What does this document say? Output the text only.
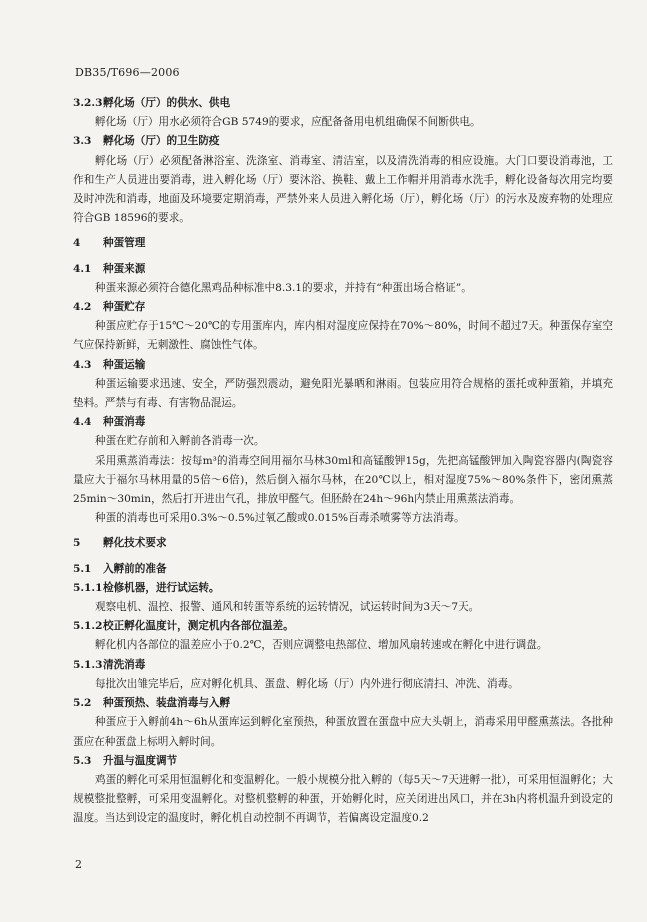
DB35/T696—2006
3.2.3孵化场（厅）的供水、供电

孵化场（厅）用水必须符合GB 5749的要求，应配备备用电机组确保不间断供电。

3.3 孵化场（厅）的卫生防疫

孵化场（厅）必须配备淋浴室、洗涤室、消毒室、清洁室，以及清洗消毒的相应设施。大门口要设消毒池，工作和生产人员进出要消毒，进入孵化场（厅）要沐浴、换鞋、戴上工作帽并用消毒水洗手，孵化设备每次用完均要及时冲洗和消毒，地面及环境要定期消毒，严禁外来人员进入孵化场（厅），孵化场（厅）的污水及废弃物的处理应符合GB 18596的要求。

4 种蛋管理
4.1 种蛋来源

种蛋来源必须符合德化黑鸡品种标准中8.3.1的要求，并持有“种蛋出场合格证”。

4.2 种蛋贮存

种蛋应贮存于15℃～20℃的专用蛋库内，库内相对湿度应保持在70%～80%，时间不超过7天。种蛋保存室空气应保持新鲜，无刺激性、腐蚀性气体。

4.3 种蛋运输

种蛋运输要求迅速、安全，严防强烈震动，避免阳光暴晒和淋雨。包装应用符合规格的蛋托或种蛋箱，并填充垫料。严禁与有毒、有害物品混运。

4.4 种蛋消毒

种蛋在贮存前和入孵前各消毒一次。

采用熏蒸消毒法：按每m³的消毒空间用福尔马林30ml和高锰酸钾15g，先把高锰酸钾加入陶瓷容器内(陶瓷容量应大于福尔马林用量的5倍～6倍)，然后倒入福尔马林，在20℃以上，相对湿度75%～80%条件下，密闭熏蒸25min～30min，然后打开进出气孔，排放甲醛气。但胚龄在24h～96h内禁止用熏蒸法消毒。

种蛋的消毒也可采用0.3%～0.5%过氧乙酸或0.015%百毒杀喷雾等方法消毒。

5 孵化技术要求
5.1 入孵前的准备
5.1.1检修机器，进行试运转。

观察电机、温控、报警、通风和转蛋等系统的运转情况，试运转时间为3天～7天。

5.1.2校正孵化温度计，测定机内各部位温差。

孵化机内各部位的温差应小于0.2℃，否则应调整电热部位、增加风扇转速或在孵化中进行调盘。

5.1.3清洗消毒

每批次出雏完毕后，应对孵化机具、蛋盘、孵化场（厅）内外进行彻底清扫、冲洗、消毒。

5.2 种蛋预热、装盘消毒与入孵

种蛋应于入孵前4h～6h从蛋库运到孵化室预热，种蛋放置在蛋盘中应大头朝上，消毒采用甲醛熏蒸法。各批种蛋应在种蛋盘上标明入孵时间。

5.3 升温与温度调节

鸡蛋的孵化可采用恒温孵化和变温孵化。一般小规模分批入孵的（每5天～7天进孵一批），可采用恒温孵化；大规模整批整孵，可采用变温孵化。对整机整孵的种蛋，开始孵化时，应关闭进出风口，并在3h内将机温升到设定的温度。当达到设定的温度时，孵化机自动控制不再调节，若偏离设定温度0.2

2
